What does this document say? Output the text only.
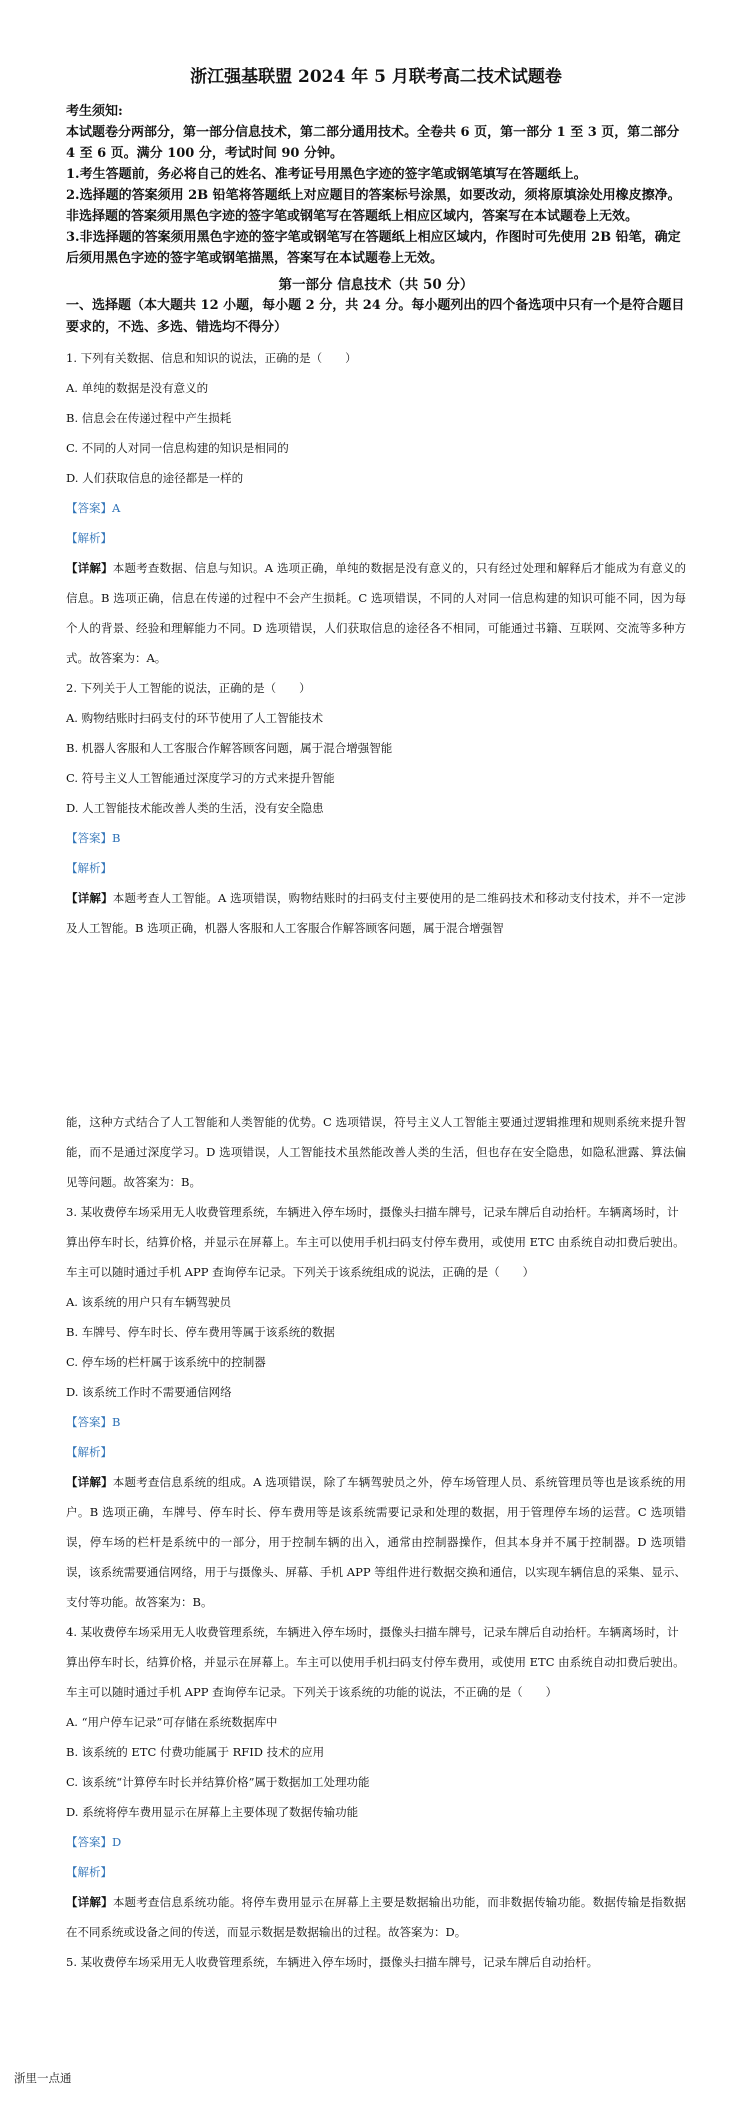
浙江强基联盟 2024 年 5 月联考高二技术试题卷

考生须知:

本试题卷分两部分，第一部分信息技术，第二部分通用技术。全卷共 6 页，第一部分 1 至 3 页，第二部分 4 至 6 页。满分 100 分，考试时间 90 分钟。

1.考生答题前，务必将自己的姓名、准考证号用黑色字迹的签字笔或钢笔填写在答题纸上。

2.选择题的答案须用 2B 铅笔将答题纸上对应题目的答案标号涂黑，如要改动，须将原填涂处用橡皮擦净。非选择题的答案须用黑色字迹的签字笔或钢笔写在答题纸上相应区域内，答案写在本试题卷上无效。

3.非选择题的答案须用黑色字迹的签字笔或钢笔写在答题纸上相应区域内，作图时可先使用 2B 铅笔，确定后须用黑色字迹的签字笔或钢笔描黑，答案写在本试题卷上无效。

第一部分 信息技术（共 50 分）
一、选择题（本大题共 12 小题，每小题 2 分，共 24 分。每小题列出的四个备选项中只有一个是符合题目要求的，不选、多选、错选均不得分）

1. 下列有关数据、信息和知识的说法，正确的是（　　）

A. 单纯的数据是没有意义的

B. 信息会在传递过程中产生损耗

C. 不同的人对同一信息构建的知识是相同的

D. 人们获取信息的途径都是一样的

【答案】A

【解析】

【详解】本题考查数据、信息与知识。A 选项正确，单纯的数据是没有意义的，只有经过处理和解释后才能成为有意义的信息。B 选项正确，信息在传递的过程中不会产生损耗。C 选项错误，不同的人对同一信息构建的知识可能不同，因为每个人的背景、经验和理解能力不同。D 选项错误，人们获取信息的途径各不相同，可能通过书籍、互联网、交流等多种方式。故答案为：A。

2. 下列关于人工智能的说法，正确的是（　　）

A. 购物结账时扫码支付的环节使用了人工智能技术

B. 机器人客服和人工客服合作解答顾客问题，属于混合增强智能

C. 符号主义人工智能通过深度学习的方式来提升智能

D. 人工智能技术能改善人类的生活，没有安全隐患

【答案】B

【解析】

【详解】本题考查人工智能。A 选项错误，购物结账时的扫码支付主要使用的是二维码技术和移动支付技术，并不一定涉及人工智能。B 选项正确，机器人客服和人工客服合作解答顾客问题，属于混合增强智

能，这种方式结合了人工智能和人类智能的优势。C 选项错误，符号主义人工智能主要通过逻辑推理和规则系统来提升智能，而不是通过深度学习。D 选项错误，人工智能技术虽然能改善人类的生活，但也存在安全隐患，如隐私泄露、算法偏见等问题。故答案为：B。

3. 某收费停车场采用无人收费管理系统，车辆进入停车场时，摄像头扫描车牌号，记录车牌后自动抬杆。车辆离场时，计算出停车时长，结算价格，并显示在屏幕上。车主可以使用手机扫码支付停车费用，或使用 ETC 由系统自动扣费后驶出。车主可以随时通过手机 APP 查询停车记录。下列关于该系统组成的说法，正确的是（　　）

A. 该系统的用户只有车辆驾驶员

B. 车牌号、停车时长、停车费用等属于该系统的数据

C. 停车场的栏杆属于该系统中的控制器

D. 该系统工作时不需要通信网络

【答案】B

【解析】

【详解】本题考查信息系统的组成。A 选项错误，除了车辆驾驶员之外，停车场管理人员、系统管理员等也是该系统的用户。B 选项正确，车牌号、停车时长、停车费用等是该系统需要记录和处理的数据，用于管理停车场的运营。C 选项错误，停车场的栏杆是系统中的一部分，用于控制车辆的出入，通常由控制器操作，但其本身并不属于控制器。D 选项错误，该系统需要通信网络，用于与摄像头、屏幕、手机 APP 等组件进行数据交换和通信，以实现车辆信息的采集、显示、支付等功能。故答案为：B。

4. 某收费停车场采用无人收费管理系统，车辆进入停车场时，摄像头扫描车牌号，记录车牌后自动抬杆。车辆离场时，计算出停车时长，结算价格，并显示在屏幕上。车主可以使用手机扫码支付停车费用，或使用 ETC 由系统自动扣费后驶出。车主可以随时通过手机 APP 查询停车记录。下列关于该系统的功能的说法，不正确的是（　　）

A. “用户停车记录”可存储在系统数据库中

B. 该系统的 ETC 付费功能属于 RFID 技术的应用

C. 该系统“计算停车时长并结算价格”属于数据加工处理功能

D. 系统将停车费用显示在屏幕上主要体现了数据传输功能

【答案】D

【解析】

【详解】本题考查信息系统功能。将停车费用显示在屏幕上主要是数据输出功能，而非数据传输功能。数据传输是指数据在不同系统或设备之间的传送，而显示数据是数据输出的过程。故答案为：D。

5. 某收费停车场采用无人收费管理系统，车辆进入停车场时，摄像头扫描车牌号，记录车牌后自动抬杆。

浙里一点通
